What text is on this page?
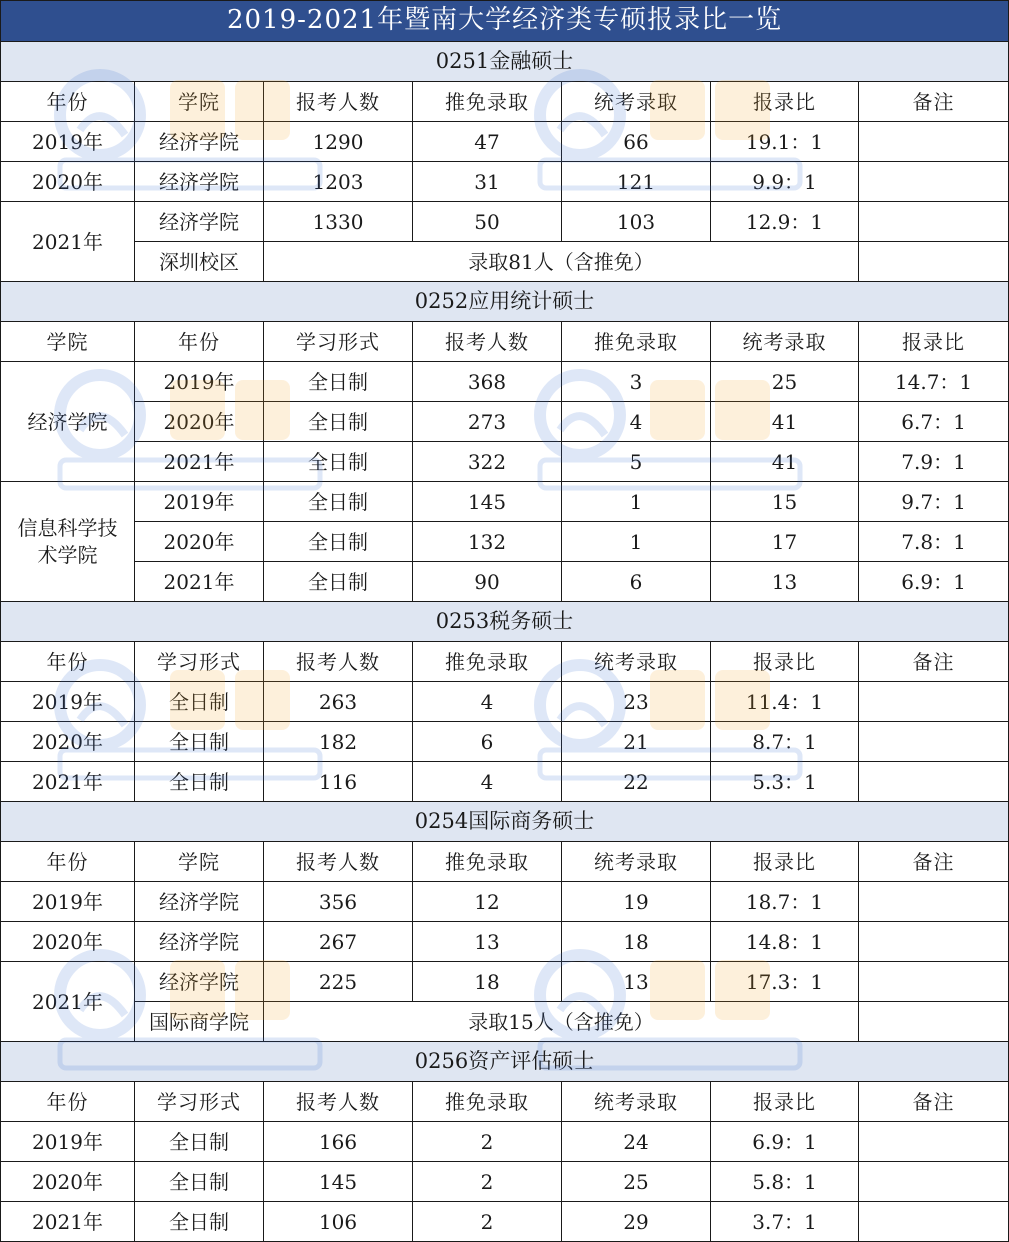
2019-2021年暨南大学经济类专硕报录比一览						
0251金融硕士						
年份	学院	报考人数	推免录取	统考录取	报录比	备注
2019年	经济学院	1290	47	66	19.1：1	
2020年	经济学院	1203	31	121	9.9：1	
2021年	经济学院	1330	50	103	12.9：1	
	深圳校区	录取81人（含推免）				
0252应用统计硕士						
学院	年份	学习形式	报考人数	推免录取	统考录取	报录比
经济学院	2019年	全日制	368	3	25	14.7：1
	2020年	全日制	273	4	41	6.7：1
	2021年	全日制	322	5	41	7.9：1
信息科学技术学院	2019年	全日制	145	1	15	9.7：1
	2020年	全日制	132	1	17	7.8：1
	2021年	全日制	90	6	13	6.9：1
0253税务硕士						
年份	学习形式	报考人数	推免录取	统考录取	报录比	备注
2019年	全日制	263	4	23	11.4：1	
2020年	全日制	182	6	21	8.7：1	
2021年	全日制	116	4	22	5.3：1	
0254国际商务硕士						
年份	学院	报考人数	推免录取	统考录取	报录比	备注
2019年	经济学院	356	12	19	18.7：1	
2020年	经济学院	267	13	18	14.8：1	
2021年	经济学院	225	18	13	17.3：1	
	国际商学院	录取15人（含推免）				
0256资产评估硕士						
年份	学习形式	报考人数	推免录取	统考录取	报录比	备注
2019年	全日制	166	2	24	6.9：1	
2020年	全日制	145	2	25	5.8：1	
2021年	全日制	106	2	29	3.7：1	
